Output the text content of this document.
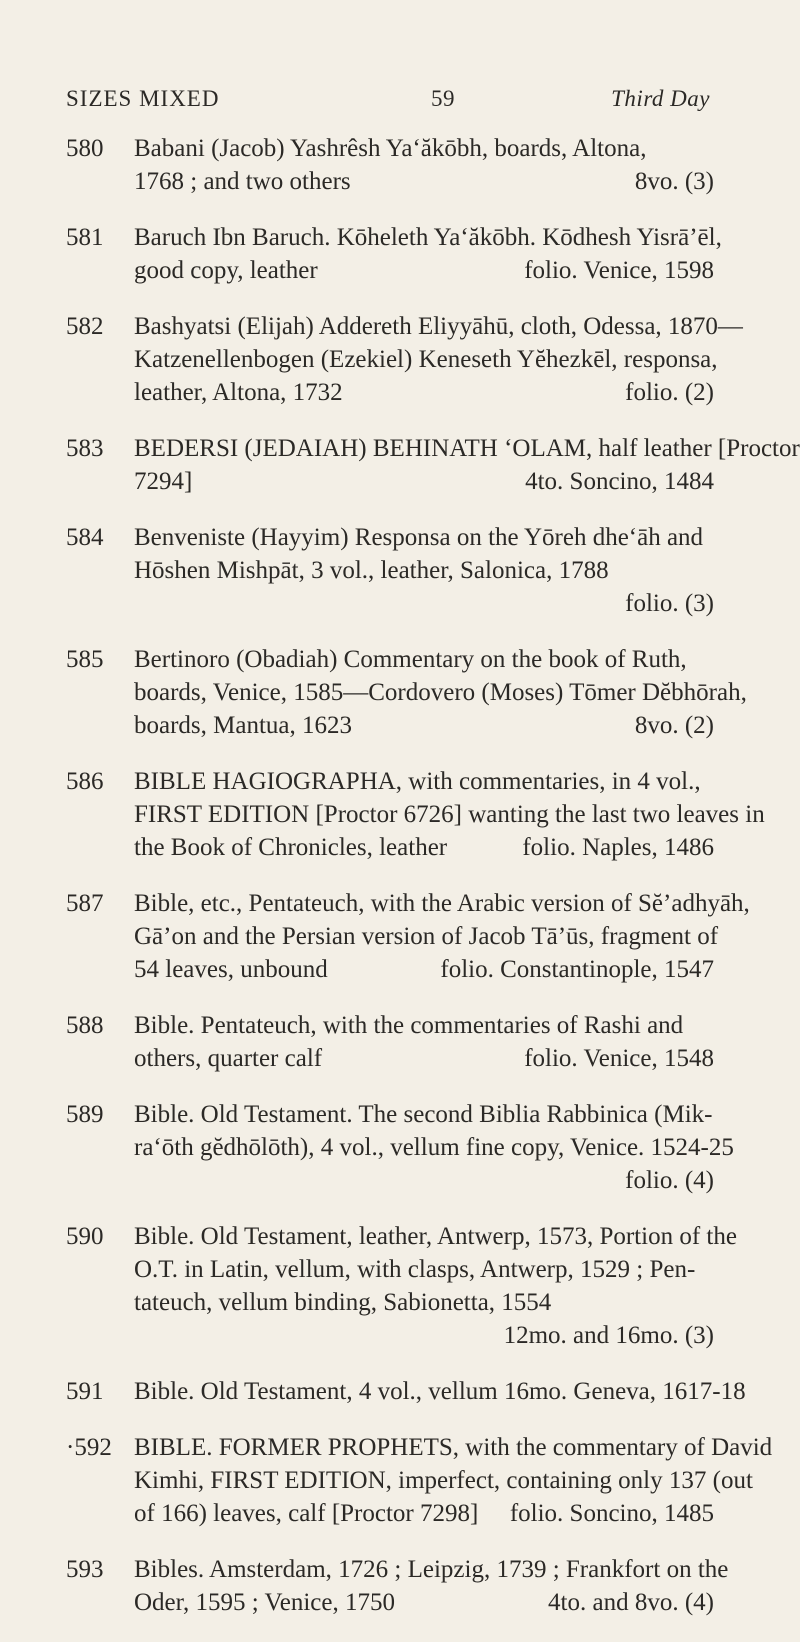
SIZES MIXED	59	Third Day
580 Babani (Jacob) Yashrêsh Ya‘ăkōbh, boards, Altona,
1768 ; and two others	8vo. (3)
581 Baruch Ibn Baruch. Kōheleth Ya‘ăkōbh. Kōdhesh Yisrā’ēl,
good copy, leather	folio. Venice, 1598
582 Bashyatsi (Elijah) Addereth Eliyyāhū, cloth, Odessa, 1870—
Katzenellenbogen (Ezekiel) Keneseth Yĕhezkēl, responsa,
leather, Altona, 1732	folio. (2)
583 BEDERSI (JEDAIAH) BEHINATH ‘OLAM, half leather [Proctor
7294]	4to. Soncino, 1484
584 Benveniste (Hayyim) Responsa on the Yōreh dhe‘āh and
Hōshen Mishpāt, 3 vol., leather, Salonica, 1788
folio. (3)
585 Bertinoro (Obadiah) Commentary on the book of Ruth,
boards, Venice, 1585—Cordovero (Moses) Tōmer Dĕbhōrah,
boards, Mantua, 1623	8vo. (2)
586 BIBLE HAGIOGRAPHA, with commentaries, in 4 vol.,
FIRST EDITION [Proctor 6726] wanting the last two leaves in
the Book of Chronicles, leather	folio. Naples, 1486
587 Bible, etc., Pentateuch, with the Arabic version of Sĕ’adhyāh,
Gā’on and the Persian version of Jacob Tā’ūs, fragment of
54 leaves, unbound	folio. Constantinople, 1547
588 Bible. Pentateuch, with the commentaries of Rashi and
others, quarter calf	folio. Venice, 1548
589 Bible. Old Testament. The second Biblia Rabbinica (Mik-
ra‘ōth gĕdhōlōth), 4 vol., vellum fine copy, Venice. 1524-25
folio. (4)
590 Bible. Old Testament, leather, Antwerp, 1573, Portion of the
O.T. in Latin, vellum, with clasps, Antwerp, 1529 ; Pen-
tateuch, vellum binding, Sabionetta, 1554
12mo. and 16mo. (3)
591 Bible. Old Testament, 4 vol., vellum 16mo. Geneva, 1617-18
·592 BIBLE. FORMER PROPHETS, with the commentary of David
Kimhi, FIRST EDITION, imperfect, containing only 137 (out
of 166) leaves, calf [Proctor 7298] folio. Soncino, 1485
593 Bibles. Amsterdam, 1726 ; Leipzig, 1739 ; Frankfort on the
Oder, 1595 ; Venice, 1750	4to. and 8vo. (4)
